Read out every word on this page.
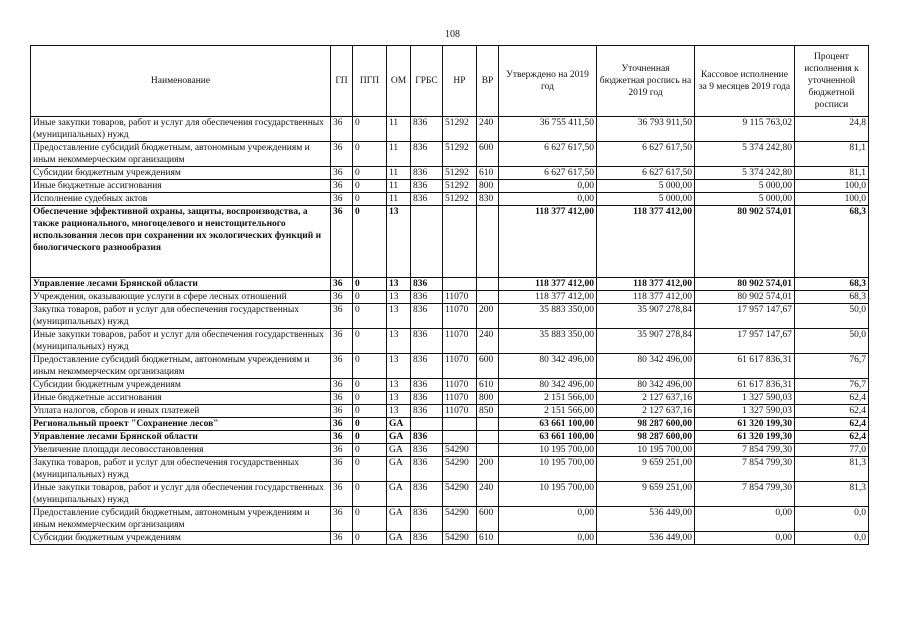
108
Наименование	ГП	ПГП	ОМ	ГРБС	НР	ВР	Утверждено на 2019 год	Уточненная бюджетная роспись на 2019 год	Кассовое исполнение за 9 месяцев 2019 года	Процент исполнения к уточненной бюджетной росписи
Иные закупки товаров, работ и услуг для обеспечения государственных (муниципальных) нужд	36	0	11	836	51292	240	36 755 411,50	36 793 911,50	9 115 763,02	24,8
Предоставление субсидий бюджетным, автономным учреждениям и иным некоммерческим организациям	36	0	11	836	51292	600	6 627 617,50	6 627 617,50	5 374 242,80	81,1
Субсидии бюджетным учреждениям	36	0	11	836	51292	610	6 627 617,50	6 627 617,50	5 374 242,80	81,1
Иные бюджетные ассигнования	36	0	11	836	51292	800	0,00	5 000,00	5 000,00	100,0
Исполнение судебных актов	36	0	11	836	51292	830	0,00	5 000,00	5 000,00	100,0
Обеспечение эффективной охраны, защиты, воспроизводства, а также рационального, многоцелевого и неистощительного использования лесов при сохранении их экологических функций и биологического разнообразия	36	0	13				118 377 412,00	118 377 412,00	80 902 574,01	68,3
Управление лесами Брянской области	36	0	13	836			118 377 412,00	118 377 412,00	80 902 574,01	68,3
Учреждения, оказывающие услуги в сфере лесных отношений	36	0	13	836	11070		118 377 412,00	118 377 412,00	80 902 574,01	68,3
Закупка товаров, работ и услуг для обеспечения государственных (муниципальных) нужд	36	0	13	836	11070	200	35 883 350,00	35 907 278,84	17 957 147,67	50,0
Иные закупки товаров, работ и услуг для обеспечения государственных (муниципальных) нужд	36	0	13	836	11070	240	35 883 350,00	35 907 278,84	17 957 147,67	50,0
Предоставление субсидий бюджетным, автономным учреждениям и иным некоммерческим организациям	36	0	13	836	11070	600	80 342 496,00	80 342 496,00	61 617 836,31	76,7
Субсидии бюджетным учреждениям	36	0	13	836	11070	610	80 342 496,00	80 342 496,00	61 617 836,31	76,7
Иные бюджетные ассигнования	36	0	13	836	11070	800	2 151 566,00	2 127 637,16	1 327 590,03	62,4
Уплата налогов, сборов и иных платежей	36	0	13	836	11070	850	2 151 566,00	2 127 637,16	1 327 590,03	62,4
Региональный проект "Сохранение лесов"	36	0	GA				63 661 100,00	98 287 600,00	61 320 199,30	62,4
Управление лесами Брянской области	36	0	GA	836			63 661 100,00	98 287 600,00	61 320 199,30	62,4
Увеличение площади лесовосстановления	36	0	GA	836	54290		10 195 700,00	10 195 700,00	7 854 799,30	77,0
Закупка товаров, работ и услуг для обеспечения государственных (муниципальных) нужд	36	0	GA	836	54290	200	10 195 700,00	9 659 251,00	7 854 799,30	81,3
Иные закупки товаров, работ и услуг для обеспечения государственных (муниципальных) нужд	36	0	GA	836	54290	240	10 195 700,00	9 659 251,00	7 854 799,30	81,3
Предоставление субсидий бюджетным, автономным учреждениям и иным некоммерческим организациям	36	0	GA	836	54290	600	0,00	536 449,00	0,00	0,0
Субсидии бюджетным учреждениям	36	0	GA	836	54290	610	0,00	536 449,00	0,00	0,0
